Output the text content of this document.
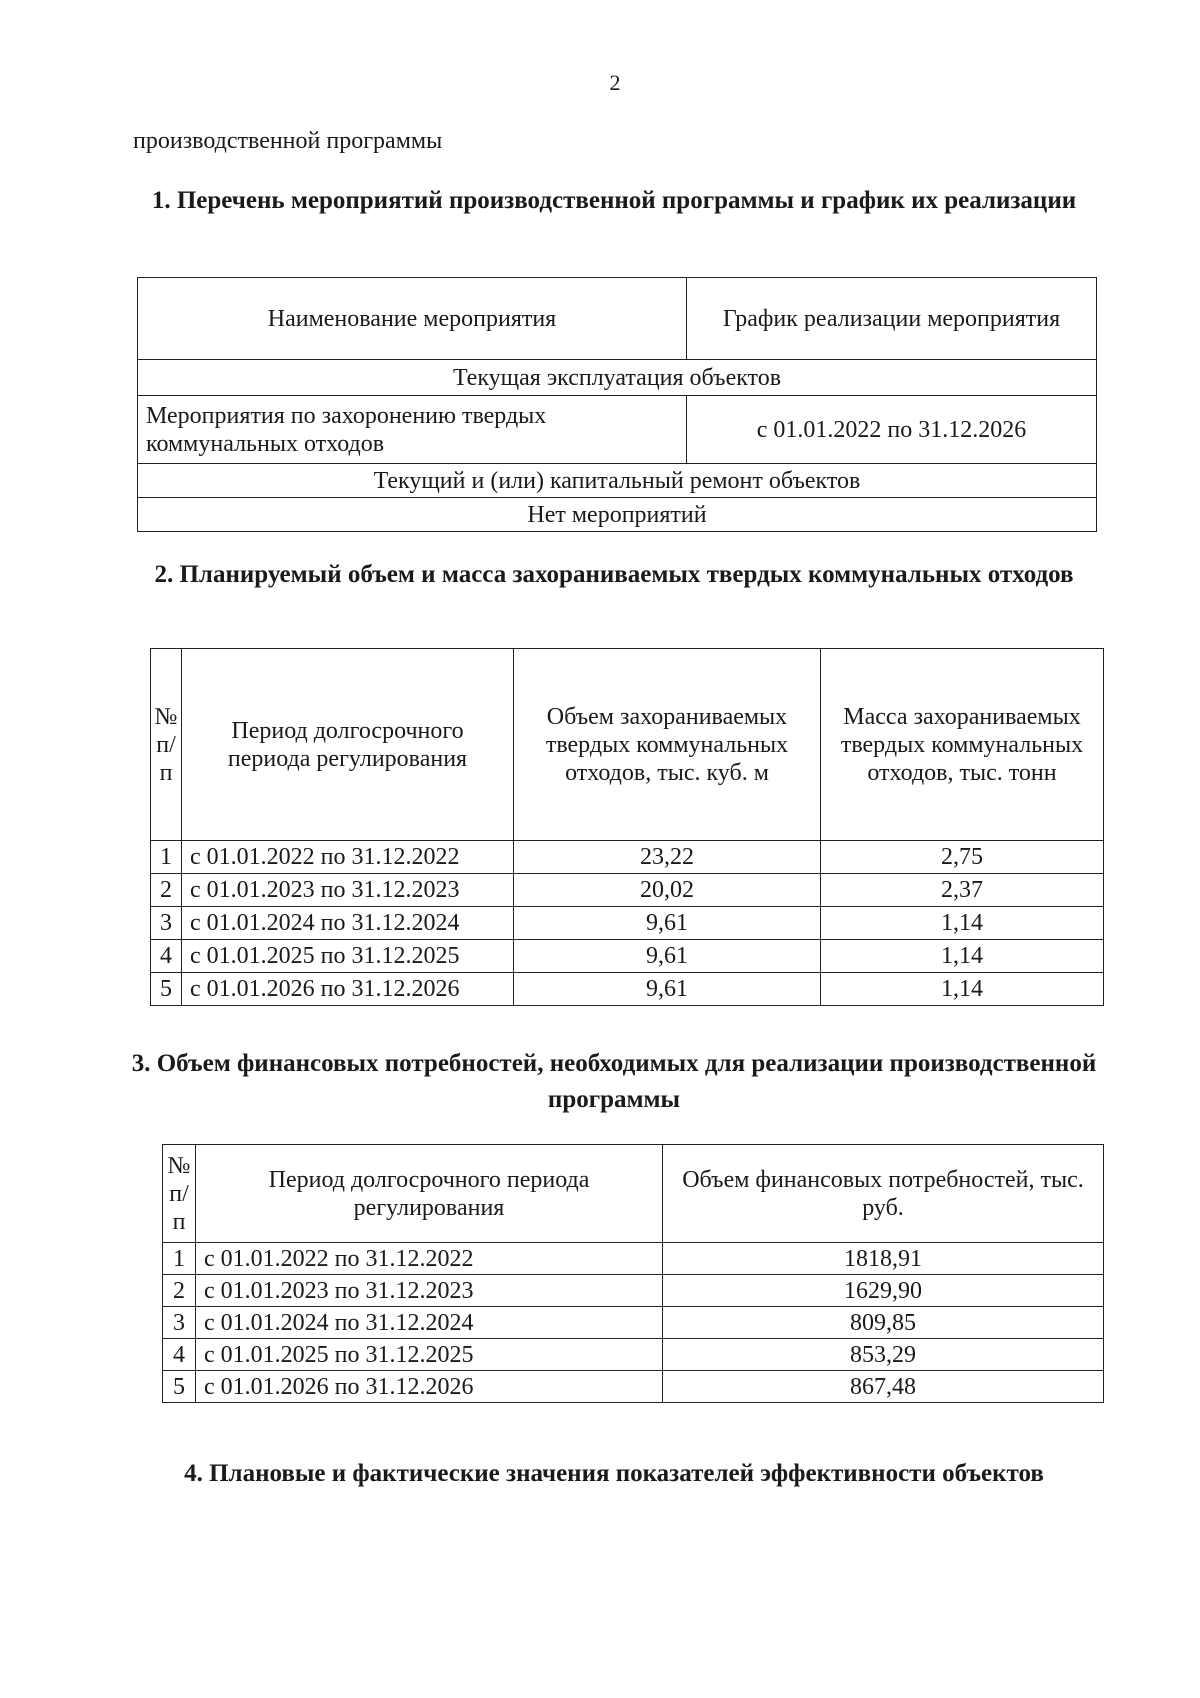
2
производственной программы
1. Перечень мероприятий производственной программы и график их реализации
Наименование мероприятия	График реализации мероприятия
Текущая эксплуатация объектов	
Мероприятия по захоронению твердых коммунальных отходов	с 01.01.2022 по 31.12.2026
Текущий и (или) капитальный ремонт объектов	
Нет мероприятий	
2. Планируемый объем и масса захораниваемых твердых коммунальных отходов
№ п/ п	Период долгосрочного периода регулирования	Объем захораниваемых твердых коммунальных отходов, тыс. куб. м	Масса захораниваемых твердых коммунальных отходов, тыс. тонн
1	с 01.01.2022 по 31.12.2022	23,22	2,75
2	с 01.01.2023 по 31.12.2023	20,02	2,37
3	с 01.01.2024 по 31.12.2024	9,61	1,14
4	с 01.01.2025 по 31.12.2025	9,61	1,14
5	с 01.01.2026 по 31.12.2026	9,61	1,14
3. Объем финансовых потребностей, необходимых для реализации производственной программы
№ п/ п	Период долгосрочного периода регулирования	Объем финансовых потребностей, тыс. руб.
1	с 01.01.2022 по 31.12.2022	1818,91
2	с 01.01.2023 по 31.12.2023	1629,90
3	с 01.01.2024 по 31.12.2024	809,85
4	с 01.01.2025 по 31.12.2025	853,29
5	с 01.01.2026 по 31.12.2026	867,48
4. Плановые и фактические значения показателей эффективности объектов
